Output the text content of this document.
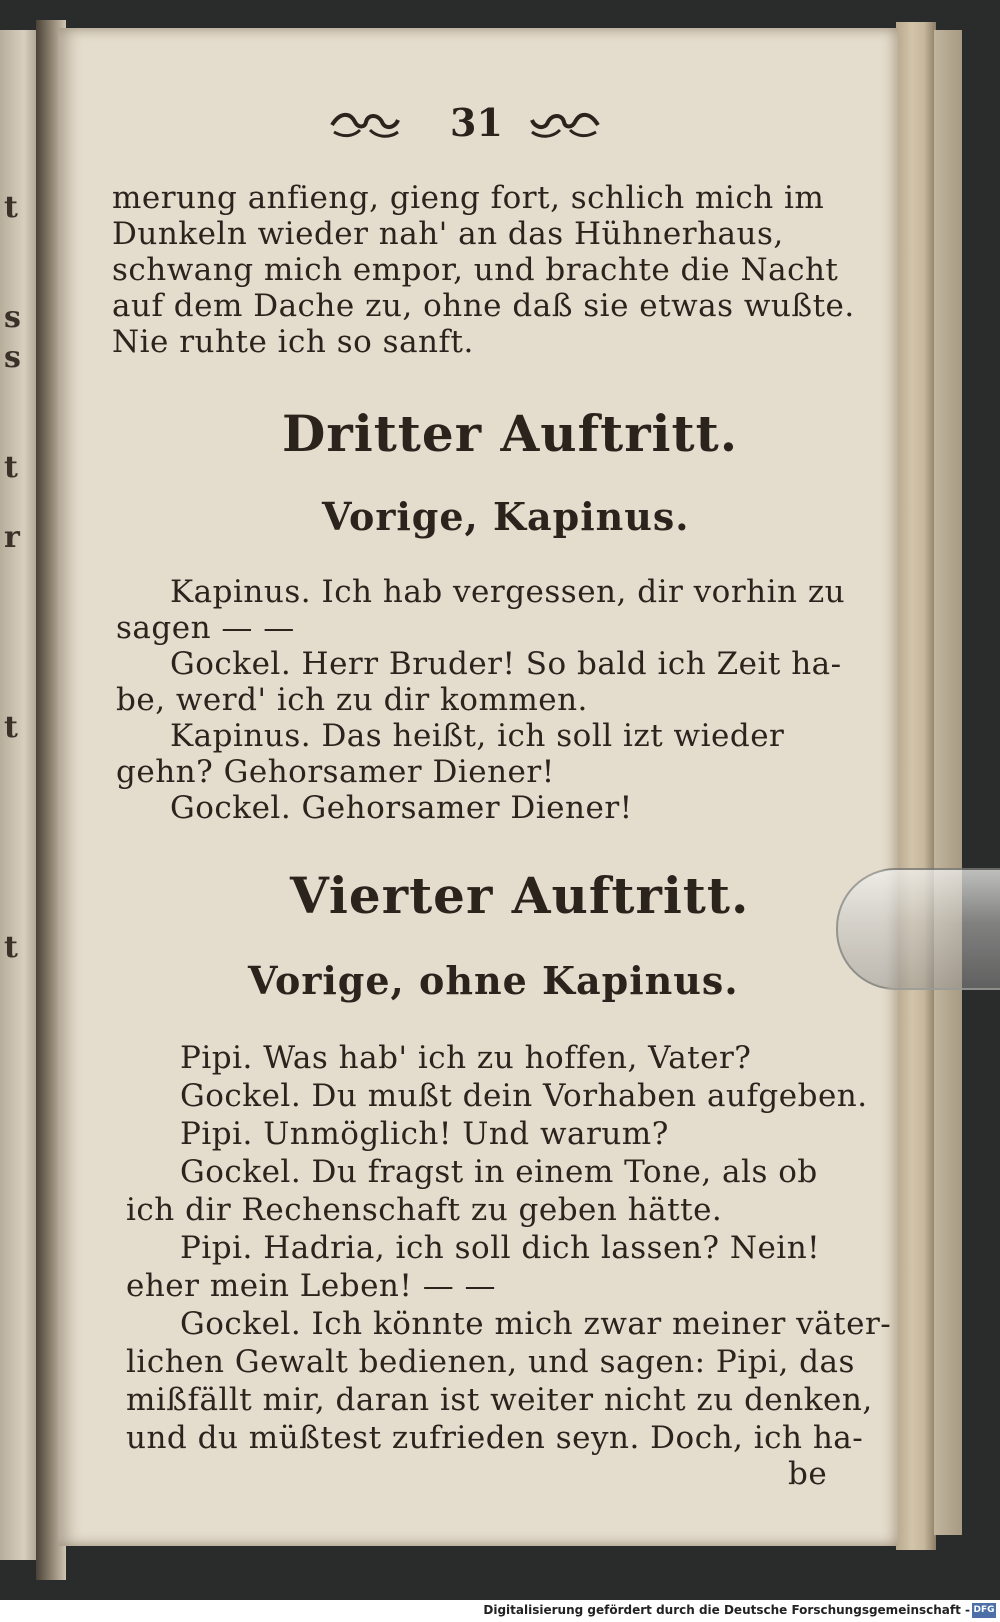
t
s
s
t
r
t
t
31
merung anfieng, gieng fort, schlich mich im
Dunkeln wieder nah' an das Hühnerhaus,
schwang mich empor, und brachte die Nacht
auf dem Dache zu, ohne daß sie etwas wußte.
Nie ruhte ich so sanft.
Dritter Auftritt.
Vorige, Kapinus.
Kapinus. Ich hab vergessen, dir vorhin zu
sagen — —
Gockel. Herr Bruder! So bald ich Zeit ha-
be, werd' ich zu dir kommen.
Kapinus. Das heißt, ich soll izt wieder
gehn? Gehorsamer Diener!
Gockel. Gehorsamer Diener!
Vierter Auftritt.
Vorige, ohne Kapinus.
Pipi. Was hab' ich zu hoffen, Vater?
Gockel. Du mußt dein Vorhaben aufgeben.
Pipi. Unmöglich! Und warum?
Gockel. Du fragst in einem Tone, als ob
ich dir Rechenschaft zu geben hätte.
Pipi. Hadria, ich soll dich lassen? Nein!
eher mein Leben! — —
Gockel. Ich könnte mich zwar meiner väter-
lichen Gewalt bedienen, und sagen: Pipi, das
mißfällt mir, daran ist weiter nicht zu denken,
und du müßtest zufrieden seyn. Doch, ich ha-
be
Digitalisierung gefördert durch die Deutsche Forschungsgemeinschaft - DFG
